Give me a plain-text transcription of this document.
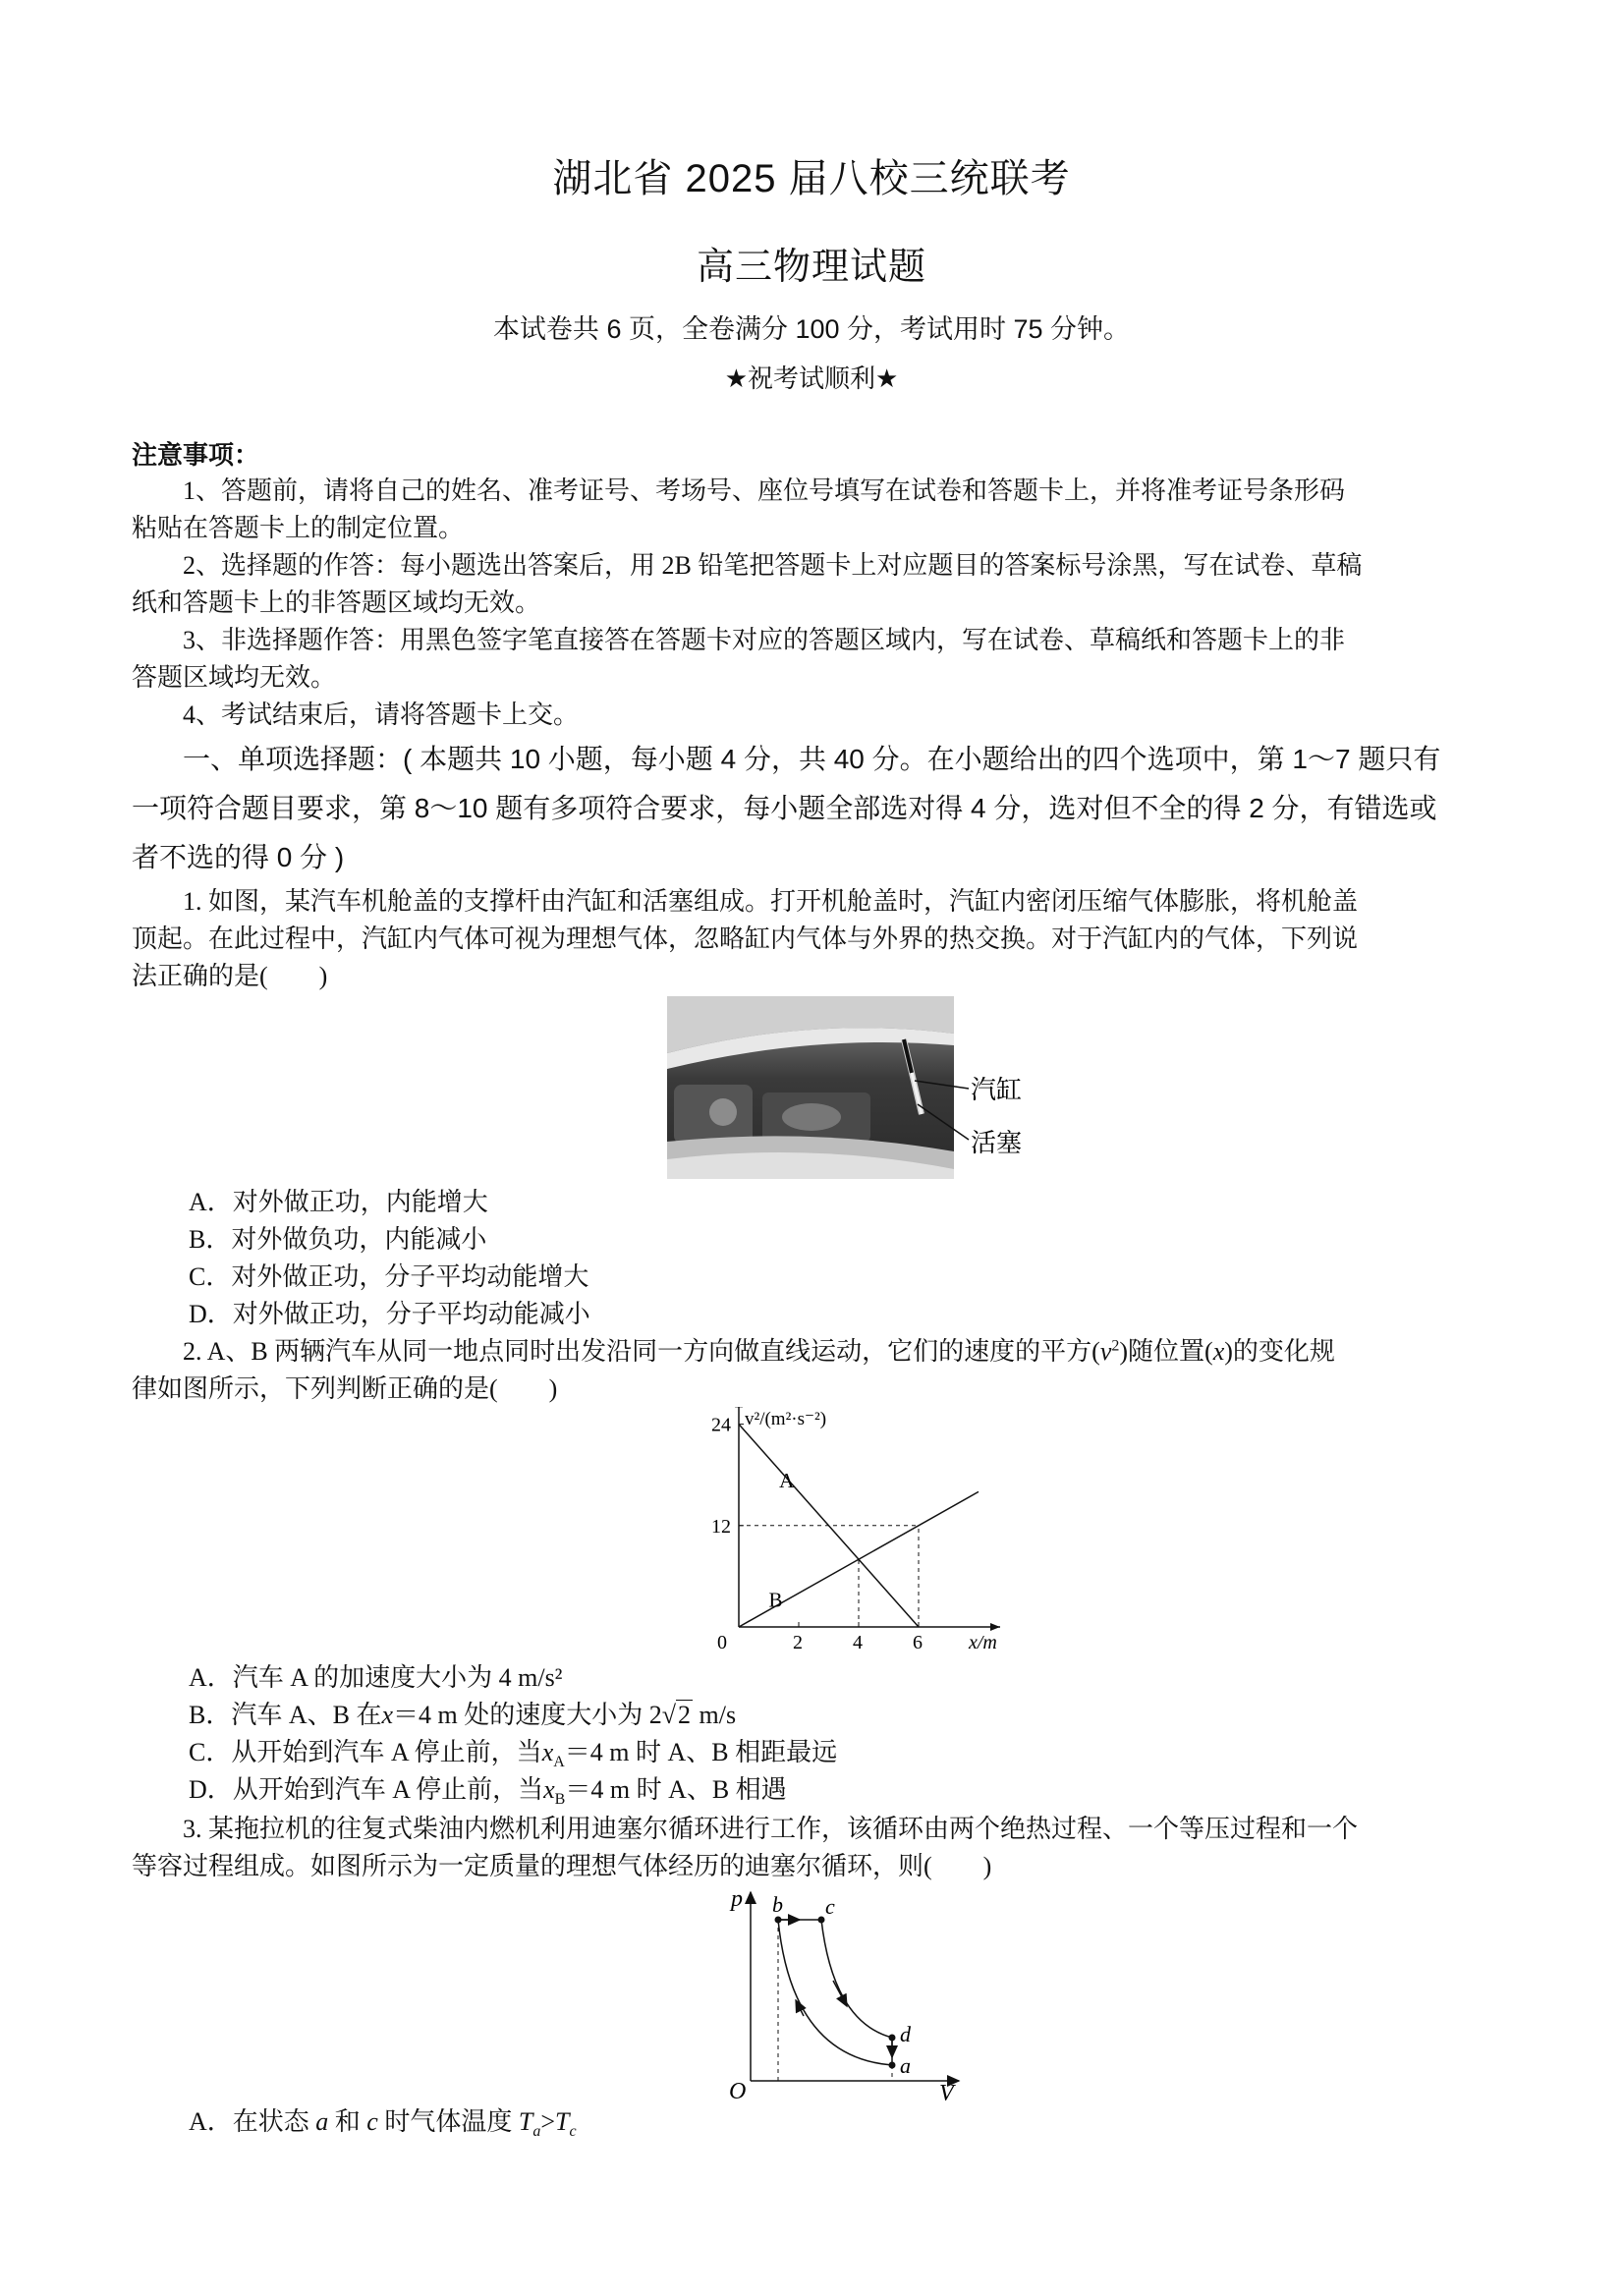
湖北省 2025 届八校三统联考
高三物理试题
本试卷共 6 页，全卷满分 100 分，考试用时 75 分钟。
★祝考试顺利★
注意事项：
1、答题前，请将自己的姓名、准考证号、考场号、座位号填写在试卷和答题卡上，并将准考证号条形码
粘贴在答题卡上的制定位置。
2、选择题的作答：每小题选出答案后，用 2B 铅笔把答题卡上对应题目的答案标号涂黑，写在试卷、草稿
纸和答题卡上的非答题区域均无效。
3、非选择题作答：用黑色签字笔直接答在答题卡对应的答题区域内，写在试卷、草稿纸和答题卡上的非
答题区域均无效。
4、考试结束后，请将答题卡上交。
一、单项选择题：( 本题共 10 小题，每小题 4 分，共 40 分。在小题给出的四个选项中，第 1～7 题只有
一项符合题目要求，第 8～10 题有多项符合要求，每小题全部选对得 4 分，选对但不全的得 2 分，有错选或
者不选的得 0 分 )
1. 如图，某汽车机舱盖的支撑杆由汽缸和活塞组成。打开机舱盖时，汽缸内密闭压缩气体膨胀，将机舱盖
顶起。在此过程中，汽缸内气体可视为理想气体，忽略缸内气体与外界的热交换。对于汽缸内的气体，下列说
法正确的是(　　)
汽缸
活塞
A．对外做正功，内能增大
B．对外做负功，内能减小
C．对外做正功，分子平均动能增大
D．对外做正功，分子平均动能减小
2. A、B 两辆汽车从同一地点同时出发沿同一方向做直线运动，它们的速度的平方$(v^2)$随位置(x)的变化规
律如图所示，下列判断正确的是(　　)
2	4	6
24
12
0	x/m
v²/(m²·s⁻²)
A
B
A．汽车 A 的加速度大小为 4 m/s²
B．汽车 A、B 在x＝4 m 处的速度大小为 2√2 m/s
C．从开始到汽车 A 停止前，当$x_A=4$ m 时 A、B 相距最远
D．从开始到汽车 A 停止前，当$x_B=4$ m 时 A、B 相遇
3. 某拖拉机的往复式柴油内燃机利用迪塞尔循环进行工作，该循环由两个绝热过程、一个等压过程和一个
等容过程组成。如图所示为一定质量的理想气体经历的迪塞尔循环，则(　　)
p
V
O
b c
d
a
A．在状态 a 和 c 时气体温度 $T_a>T_c$
